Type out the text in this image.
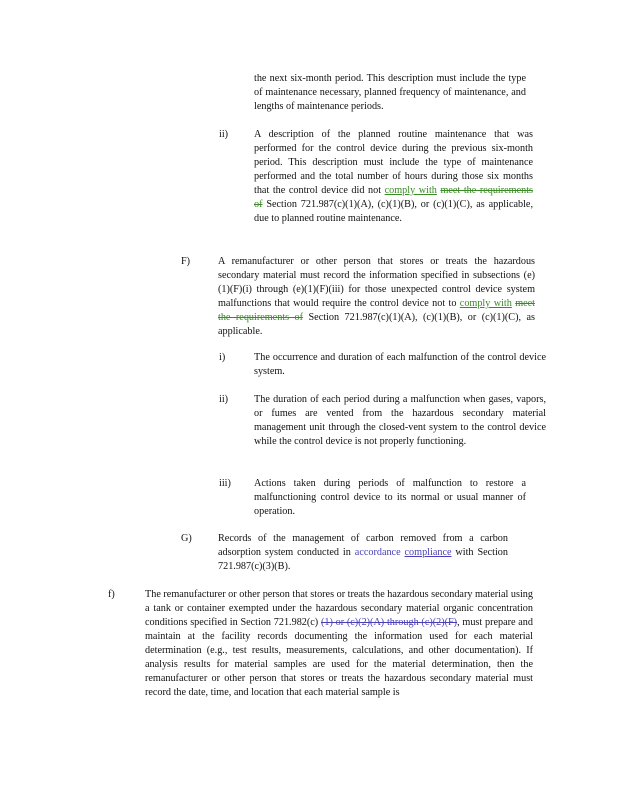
the next six-month period. This description must include the type of maintenance necessary, planned frequency of maintenance, and lengths of maintenance periods.
ii)	A description of the planned routine maintenance that was performed for the control device during the previous six-month period. This description must include the type of maintenance performed and the total number of hours during those six months that the control device did not comply with meet the requirements of Section 721.987(c)(1)(A), (c)(1)(B), or (c)(1)(C), as applicable, due to planned routine maintenance.
F)	A remanufacturer or other person that stores or treats the hazardous secondary material must record the information specified in subsections (e)(1)(F)(i) through (e)(1)(F)(iii) for those unexpected control device system malfunctions that would require the control device not to comply with meet the requirements of Section 721.987(c)(1)(A), (c)(1)(B), or (c)(1)(C), as applicable.
i)	The occurrence and duration of each malfunction of the control device system.
ii)	The duration of each period during a malfunction when gases, vapors, or fumes are vented from the hazardous secondary material management unit through the closed-vent system to the control device while the control device is not properly functioning.
iii) Actions taken during periods of malfunction to restore a malfunctioning control device to its normal or usual manner of operation.
G)	Records of the management of carbon removed from a carbon adsorption system conducted in accordance compliance with Section 721.987(c)(3)(B).
f)	The remanufacturer or other person that stores or treats the hazardous secondary material using a tank or container exempted under the hazardous secondary material organic concentration conditions specified in Section 721.982(c) (1) or (c)(2)(A) through (c)(2)(F), must prepare and maintain at the facility records documenting the information used for each material determination (e.g., test results, measurements, calculations, and other documentation). If analysis results for material samples are used for the material determination, then the remanufacturer or other person that stores or treats the hazardous secondary material must record the date, time, and location that each material sample is
